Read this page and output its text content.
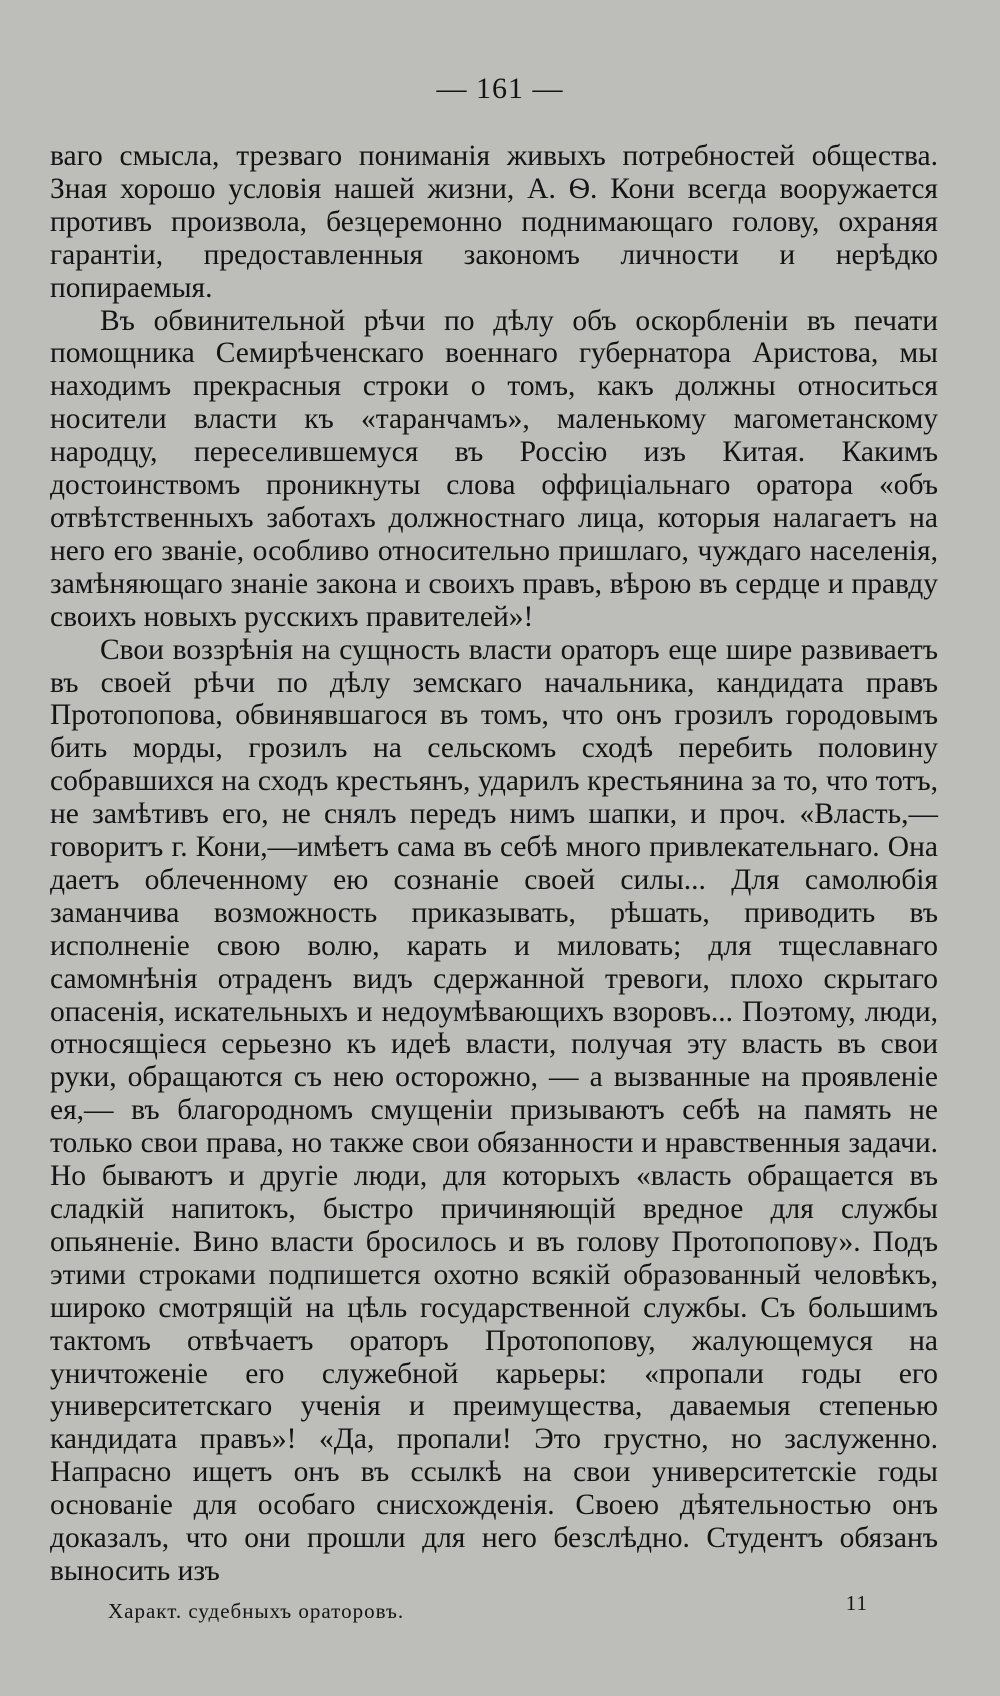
— 161 —

ваго смысла, трезваго пониманія живыхъ потребностей общества. Зная хорошо условія нашей жизни, А. Ѳ. Кони всегда вооружается противъ произвола, безцеремонно поднимающаго голову, охраняя гарантіи, предоставленныя закономъ личности и нерѣдко попираемыя.

Въ обвинительной рѣчи по дѣлу объ оскорбленіи въ печати помощника Семирѣченскаго военнаго губернатора Аристова, мы находимъ прекрасныя строки о томъ, какъ должны относиться носители власти къ «таранчамъ», маленькому магометанскому народцу, переселившемуся въ Россію изъ Китая. Какимъ достоинствомъ проникнуты слова оффиціальнаго оратора «объ отвѣтственныхъ заботахъ должностнаго лица, которыя налагаетъ на него его званіе, особливо относительно пришлаго, чуждаго населенія, замѣняющаго знаніе закона и своихъ правъ, вѣрою въ сердце и правду своихъ новыхъ русскихъ правителей»!

Свои воззрѣнія на сущность власти ораторъ еще шире развиваетъ въ своей рѣчи по дѣлу земскаго начальника, кандидата правъ Протопопова, обвинявшагося въ томъ, что онъ грозилъ городовымъ бить морды, грозилъ на сельскомъ сходѣ перебить половину собравшихся на сходъ крестьянъ, ударилъ крестьянина за то, что тотъ, не замѣтивъ его, не снялъ передъ нимъ шапки, и проч. «Власть,— говоритъ г. Кони,—имѣетъ сама въ себѣ много привлекательнаго. Она даетъ облеченному ею сознаніе своей силы... Для самолюбія заманчива возможность приказывать, рѣшать, приводить въ исполненіе свою волю, карать и миловать; для тщеславнаго самомнѣнія отраденъ видъ сдержанной тревоги, плохо скрытаго опасенія, искательныхъ и недоумѣвающихъ взоровъ... Поэтому, люди, относящіеся серьезно къ идеѣ власти, получая эту власть въ свои руки, обращаются съ нею осторожно, — а вызванные на проявленіе ея,— въ благородномъ смущеніи призываютъ себѣ на память не только свои права, но также свои обязанности и нравственныя задачи. Но бываютъ и другіе люди, для которыхъ «власть обращается въ сладкій напитокъ, быстро причиняющій вредное для службы опьяненіе. Вино власти бросилось и въ голову Протопопову». Подъ этими строками подпишется охотно всякій образованный человѣкъ, широко смотрящій на цѣль государственной службы. Съ большимъ тактомъ отвѣчаетъ ораторъ Протопопову, жалующемуся на уничтоженіе его служебной карьеры: «пропали годы его университетскаго ученія и преимущества, даваемыя степенью кандидата правъ»! «Да, пропали! Это грустно, но заслуженно. Напрасно ищетъ онъ въ ссылкѣ на свои университетскіе годы основаніе для особаго снисхожденія. Своею дѣятельностью онъ доказалъ, что они прошли для него безслѣдно. Студентъ обязанъ выносить изъ

Характ. судебныхъ ораторовъ.	11
